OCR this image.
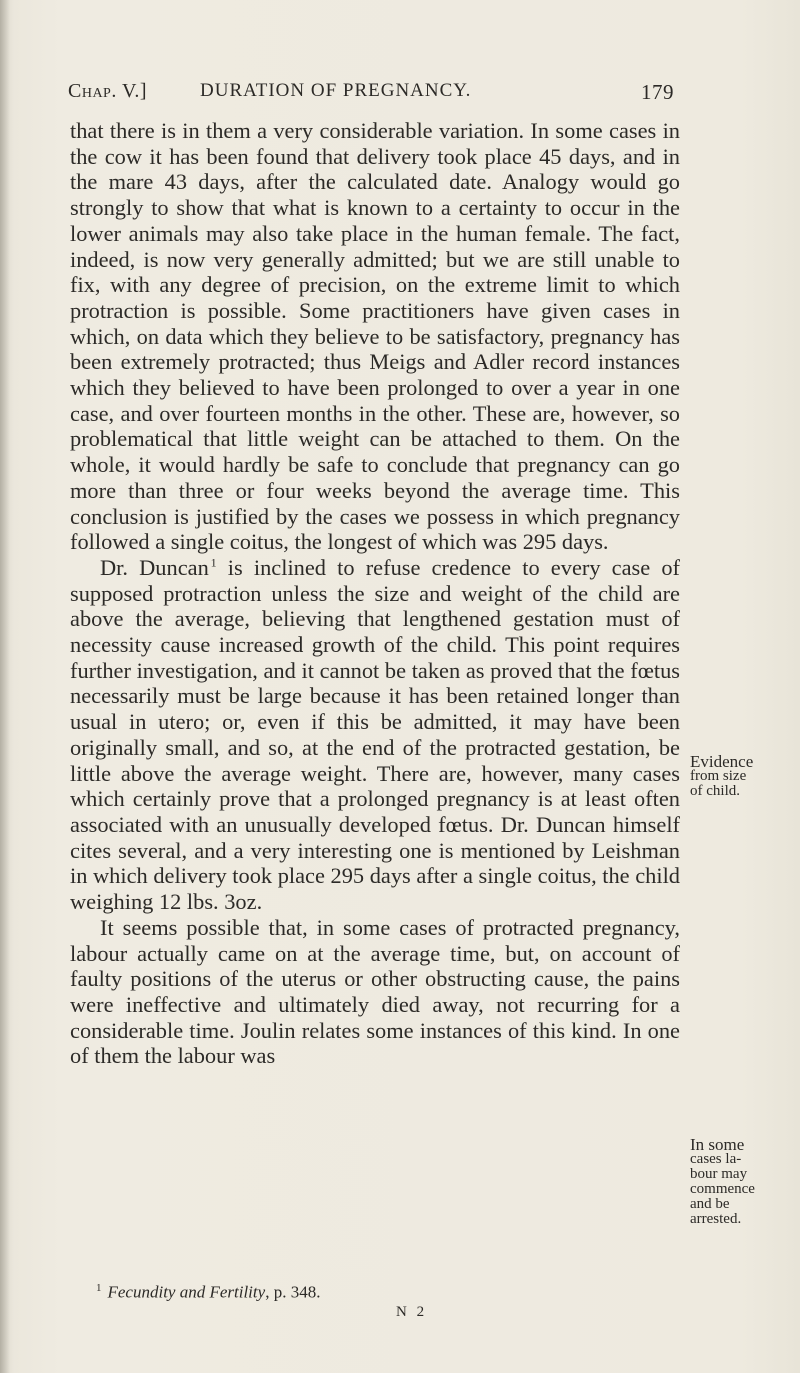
Chap. V.]	DURATION OF PREGNANCY.	179

that there is in them a very considerable variation. In some cases in the cow it has been found that delivery took place 45 days, and in the mare 43 days, after the calculated date. Analogy would go strongly to show that what is known to a certainty to occur in the lower animals may also take place in the human female. The fact, indeed, is now very generally admitted; but we are still unable to fix, with any degree of precision, on the extreme limit to which protraction is possible. Some practitioners have given cases in which, on data which they believe to be satisfactory, pregnancy has been extremely protracted; thus Meigs and Adler record instances which they believed to have been prolonged to over a year in one case, and over fourteen months in the other. These are, however, so problematical that little weight can be attached to them. On the whole, it would hardly be safe to conclude that pregnancy can go more than three or four weeks beyond the average time. This conclusion is justified by the cases we possess in which pregnancy followed a single coitus, the longest of which was 295 days.

Dr. Duncan  $^1$ is inclined to refuse credence to every case of supposed protraction unless the size and weight of the child are above the average, believing that lengthened gestation must of necessity cause increased growth of the child. This point requires further investigation, and it cannot be taken as proved that the fœtus necessarily must be large because it has been retained longer than usual in utero; or, even if this be admitted, it may have been originally small, and so, at the end of the protracted gestation, be little above the average weight. There are, however, many cases which certainly prove that a prolonged pregnancy is at least often associated with an unusually developed fœtus. Dr. Duncan himself cites several, and a very interesting one is mentioned by Leishman in which delivery took place 295 days after a single coitus, the child weighing 12 lbs. 3oz.

It seems possible that, in some cases of protracted pregnancy, labour actually came on at the average time, but, on account of faulty positions of the uterus or other obstructing cause, the pains were ineffective and ultimately died away, not recurring for a considerable time. Joulin relates some instances of this kind. In one of them the labour was

Evidence
from size
of child.
In some
cases la-
bour may
commence
and be
arrested.
$^1$ Fecundity and Fertility, p. 348.
N 2
